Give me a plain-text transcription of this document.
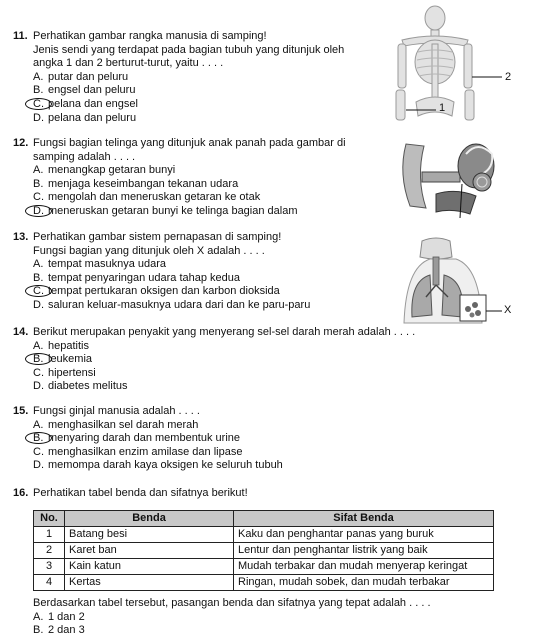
11. Perhatikan gambar rangka manusia di samping!
Jenis sendi yang terdapat pada bagian tubuh yang ditunjuk oleh
angka 1 dan 2 berturut-turut, yaitu . . . .
A. putar dan peluru
B. engsel dan peluru
C. pelana dan engsel
D. pelana dan peluru
2
1
12. Fungsi bagian telinga yang ditunjuk anak panah pada gambar di
samping adalah . . . .
A. menangkap getaran bunyi
B. menjaga keseimbangan tekanan udara
C. mengolah dan meneruskan getaran ke otak
D. meneruskan getaran bunyi ke telinga bagian dalam
13. Perhatikan gambar sistem pernapasan di samping!
Fungsi bagian yang ditunjuk oleh X adalah . . . .
A. tempat masuknya udara
B. tempat penyaringan udara tahap kedua
C. tempat pertukaran oksigen dan karbon dioksida
D. saluran keluar-masuknya udara dari dan ke paru-paru	X
14. Berikut merupakan penyakit yang menyerang sel-sel darah merah adalah . . . .
A. hepatitis
B. leukemia
C. hipertensi
D. diabetes melitus
15. Fungsi ginjal manusia adalah . . . .
A. menghasilkan sel darah merah
B. menyaring darah dan membentuk urine
C. menghasilkan enzim amilase dan lipase
D. memompa darah kaya oksigen ke seluruh tubuh
16. Perhatikan tabel benda dan sifatnya berikut!
No.	Benda	Sifat Benda
1	Batang besi	Kaku dan penghantar panas yang buruk
2	Karet ban	Lentur dan penghantar listrik yang baik
3	Kain katun	Mudah terbakar dan mudah menyerap keringat
4	Kertas	Ringan, mudah sobek, dan mudah terbakar
Berdasarkan tabel tersebut, pasangan benda dan sifatnya yang tepat adalah . . . .
A. 1 dan 2
B. 2 dan 3
